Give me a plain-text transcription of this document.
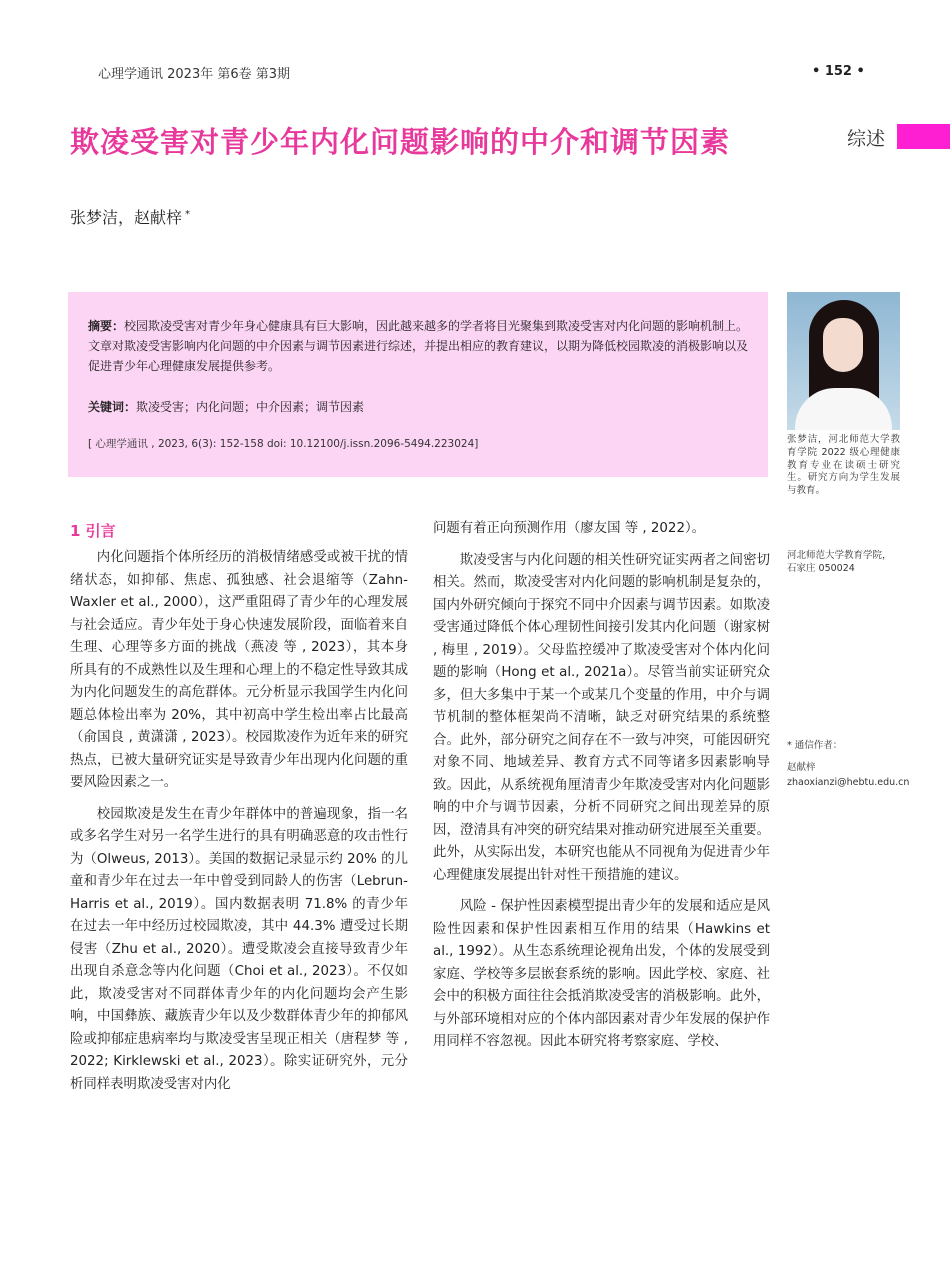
心理学通讯 2023年 第6卷 第3期	• 152 •
欺凌受害对青少年内化问题影响的中介和调节因素	综述
张梦洁，赵献梓 *
摘要：校园欺凌受害对青少年身心健康具有巨大影响，因此越来越多的学者将目光聚集到欺凌受害对内化问题的影响机制上。文章对欺凌受害影响内化问题的中介因素与调节因素进行综述，并提出相应的教育建议，以期为降低校园欺凌的消极影响以及促进青少年心理健康发展提供参考。
关键词：欺凌受害；内化问题；中介因素；调节因素
[ 心理学通讯 , 2023, 6(3): 152-158 doi: 10.12100/j.issn.2096-5494.223024]	张梦洁，河北师范大学教育学院 2022 级心理健康教育专业在读硕士研究生。研究方向为学生发展与教育。
河北师范大学教育学院， 石家庄 050024
* 通信作者：
赵献梓
zhaoxianzi@hebtu.edu.cn
1 引言

内化问题指个体所经历的消极情绪感受或被干扰的情绪状态，如抑郁、焦虑、孤独感、社会退缩等（Zahn-Waxler et al., 2000），这严重阻碍了青少年的心理发展与社会适应。青少年处于身心快速发展阶段，面临着来自生理、心理等多方面的挑战（燕凌 等 , 2023），其本身所具有的不成熟性以及生理和心理上的不稳定性导致其成为内化问题发生的高危群体。元分析显示我国学生内化问题总体检出率为 20%，其中初高中学生检出率占比最高（俞国良 , 黄潇潇 , 2023）。校园欺凌作为近年来的研究热点，已被大量研究证实是导致青少年出现内化问题的重要风险因素之一。

校园欺凌是发生在青少年群体中的普遍现象，指一名或多名学生对另一名学生进行的具有明确恶意的攻击性行为（Olweus, 2013）。美国的数据记录显示约 20% 的儿童和青少年在过去一年中曾受到同龄人的伤害（Lebrun-Harris et al., 2019）。国内数据表明 71.8% 的青少年在过去一年中经历过校园欺凌，其中 44.3% 遭受过长期侵害（Zhu et al., 2020）。遭受欺凌会直接导致青少年出现自杀意念等内化问题（Choi et al., 2023）。不仅如此，欺凌受害对不同群体青少年的内化问题均会产生影响，中国彝族、藏族青少年以及少数群体青少年的抑郁风险或抑郁症患病率均与欺凌受害呈现正相关（唐程梦 等 , 2022; Kirklewski et al., 2023）。除实证研究外，元分析同样表明欺凌受害对内化

问题有着正向预测作用（廖友国 等 , 2022）。

欺凌受害与内化问题的相关性研究证实两者之间密切相关。然而，欺凌受害对内化问题的影响机制是复杂的，国内外研究倾向于探究不同中介因素与调节因素。如欺凌受害通过降低个体心理韧性间接引发其内化问题（谢家树 , 梅里 , 2019）。父母监控缓冲了欺凌受害对个体内化问题的影响（Hong et al., 2021a）。尽管当前实证研究众多，但大多集中于某一个或某几个变量的作用，中介与调节机制的整体框架尚不清晰，缺乏对研究结果的系统整合。此外，部分研究之间存在不一致与冲突，可能因研究对象不同、地域差异、教育方式不同等诸多因素影响导致。因此，从系统视角厘清青少年欺凌受害对内化问题影响的中介与调节因素，分析不同研究之间出现差异的原因，澄清具有冲突的研究结果对推动研究进展至关重要。此外，从实际出发，本研究也能从不同视角为促进青少年心理健康发展提出针对性干预措施的建议。

风险 - 保护性因素模型提出青少年的发展和适应是风险性因素和保护性因素相互作用的结果（Hawkins et al., 1992）。从生态系统理论视角出发，个体的发展受到家庭、学校等多层嵌套系统的影响。因此学校、家庭、社会中的积极方面往往会抵消欺凌受害的消极影响。此外，与外部环境相对应的个体内部因素对青少年发展的保护作用同样不容忽视。因此本研究将考察家庭、学校、
